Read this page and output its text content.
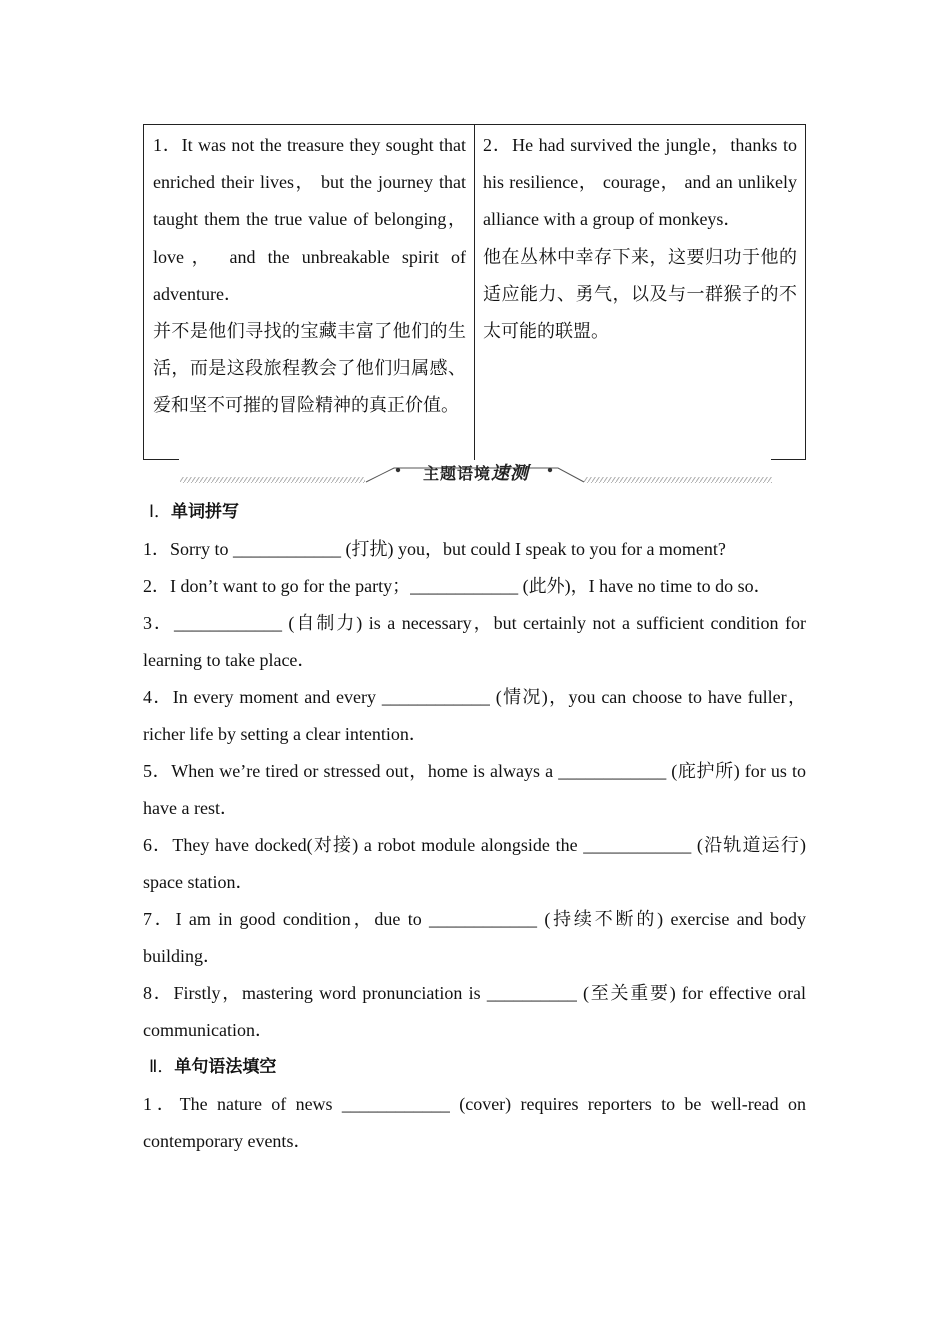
1．It was not the treasure they sought that enriched their lives， but the journey that taught them the true value of belonging， love， and the unbreakable spirit of adventure．
并不是他们寻找的宝藏丰富了他们的生活，而是这段旅程教会了他们归属感、爱和坚不可摧的冒险精神的真正价值。
2．He had survived the jungle，thanks to his resilience， courage， and an unlikely alliance with a group of monkeys．
他在丛林中幸存下来，这要归功于他的适应能力、勇气，以及与一群猴子的不太可能的联盟。
主题语境速测

Ⅰ．单词拼写

1．Sorry to ____________ (打扰) you，but could I speak to you for a moment?

2．I don’t want to go for the party；____________ (此外)，I have no time to do so．

3．____________ (自制力) is a necessary，but certainly not a sufficient condition for learning to take place．

4．In every moment and every ____________ (情况)，you can choose to have fuller，richer life by setting a clear intention．

5．When we’re tired or stressed out，home is always a ____________ (庇护所) for us to have a rest．

6．They have docked(对接) a robot module alongside the ____________ (沿轨道运行) space station．

7．I am in good condition，due to ____________ (持续不断的) exercise and body building．

8．Firstly，mastering word pronunciation is __________ (至关重要) for effective oral communication．

Ⅱ．单句语法填空

1．The nature of news ____________ (cover) requires reporters to be well-read on contemporary events．
